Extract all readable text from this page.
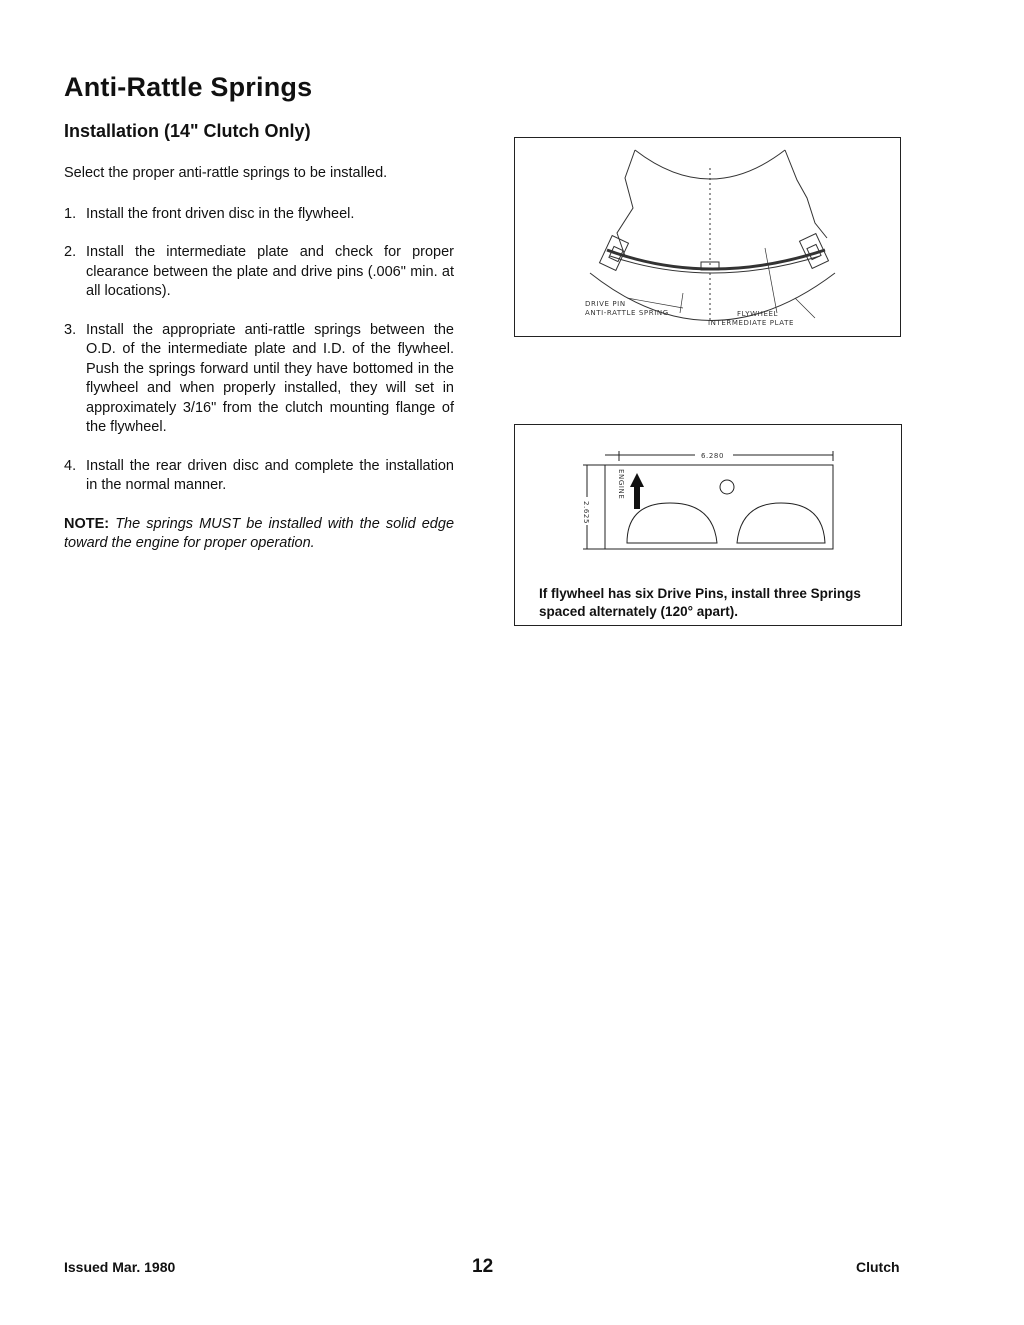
Anti-Rattle Springs
Installation (14" Clutch Only)

Select the proper anti-rattle springs to be installed.

1. Install the front driven disc in the flywheel.
2. Install the intermediate plate and check for proper clearance between the plate and drive pins (.006" min. at all locations).
3. Install the appropriate anti-rattle springs between the O.D. of the intermediate plate and I.D. of the flywheel. Push the springs forward until they have bottomed in the flywheel and when properly installed, they will set in approximately 3/16" from the clutch mounting flange of the flywheel.
4. Install the rear driven disc and complete the installation in the normal manner.

NOTE: The springs MUST be installed with the solid edge toward the engine for proper operation.

DRIVE PIN
ANTI-RATTLE SPRING	FLYWHEEL
INTERMEDIATE PLATE
ENGINE
6.280
2.625
If flywheel has six Drive Pins, install three Springs spaced alternately (120° apart).
Issued Mar. 1980	12	Clutch
